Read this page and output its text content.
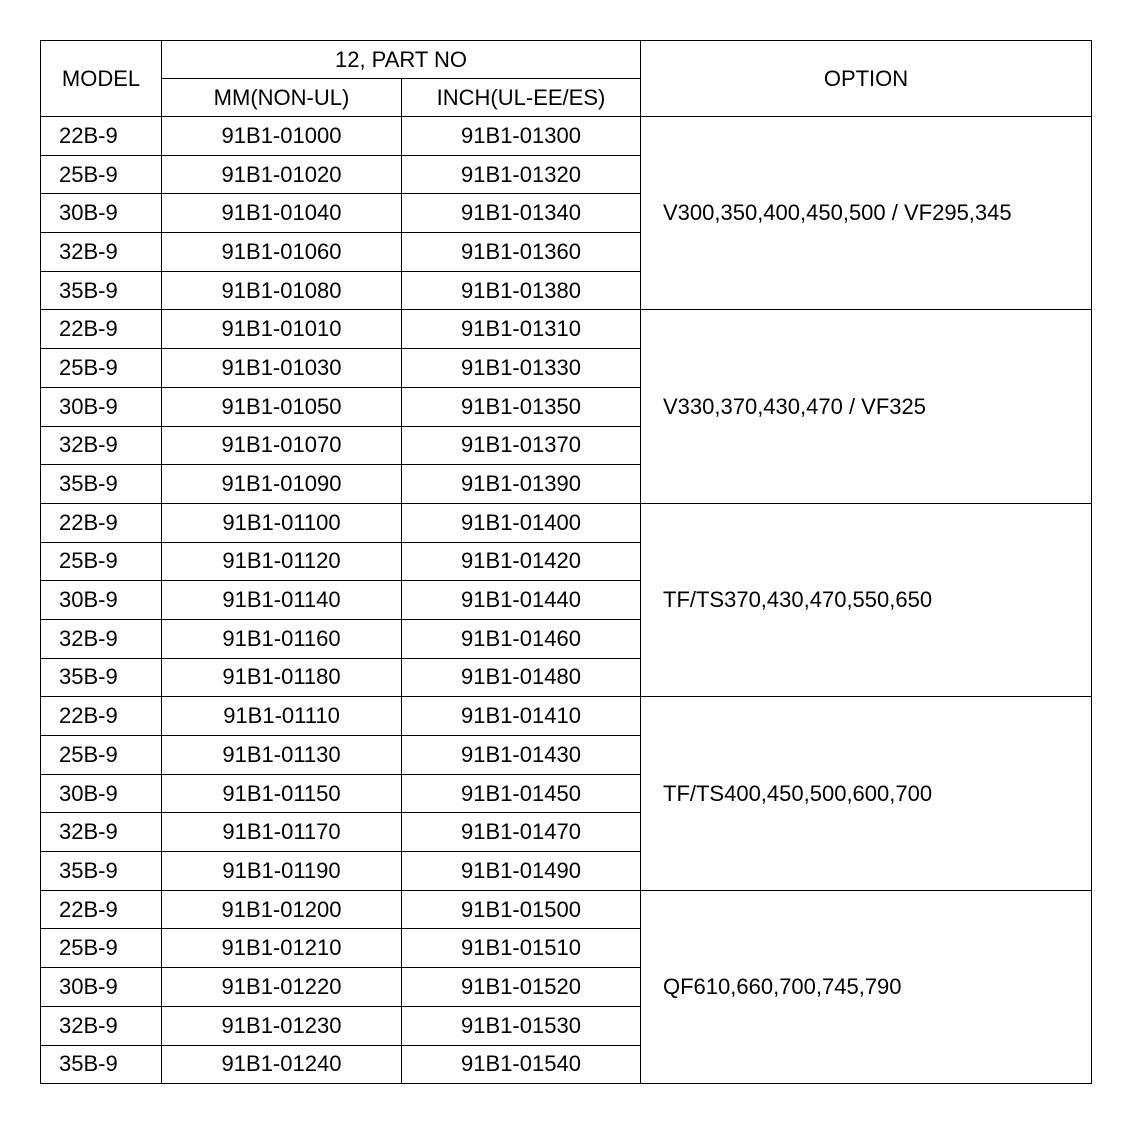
MODEL	12, PART NO		OPTION
	MM(NON-UL)	INCH(UL-EE/ES)	
22B-9	91B1-01000	91B1-01300	V300,350,400,450,500 / VF295,345
25B-9	91B1-01020	91B1-01320	
30B-9	91B1-01040	91B1-01340	
32B-9	91B1-01060	91B1-01360	
35B-9	91B1-01080	91B1-01380	
22B-9	91B1-01010	91B1-01310	V330,370,430,470 / VF325
25B-9	91B1-01030	91B1-01330	
30B-9	91B1-01050	91B1-01350	
32B-9	91B1-01070	91B1-01370	
35B-9	91B1-01090	91B1-01390	
22B-9	91B1-01100	91B1-01400	TF/TS370,430,470,550,650
25B-9	91B1-01120	91B1-01420	
30B-9	91B1-01140	91B1-01440	
32B-9	91B1-01160	91B1-01460	
35B-9	91B1-01180	91B1-01480	
22B-9	91B1-01110	91B1-01410	TF/TS400,450,500,600,700
25B-9	91B1-01130	91B1-01430	
30B-9	91B1-01150	91B1-01450	
32B-9	91B1-01170	91B1-01470	
35B-9	91B1-01190	91B1-01490	
22B-9	91B1-01200	91B1-01500	QF610,660,700,745,790
25B-9	91B1-01210	91B1-01510	
30B-9	91B1-01220	91B1-01520	
32B-9	91B1-01230	91B1-01530	
35B-9	91B1-01240	91B1-01540	
